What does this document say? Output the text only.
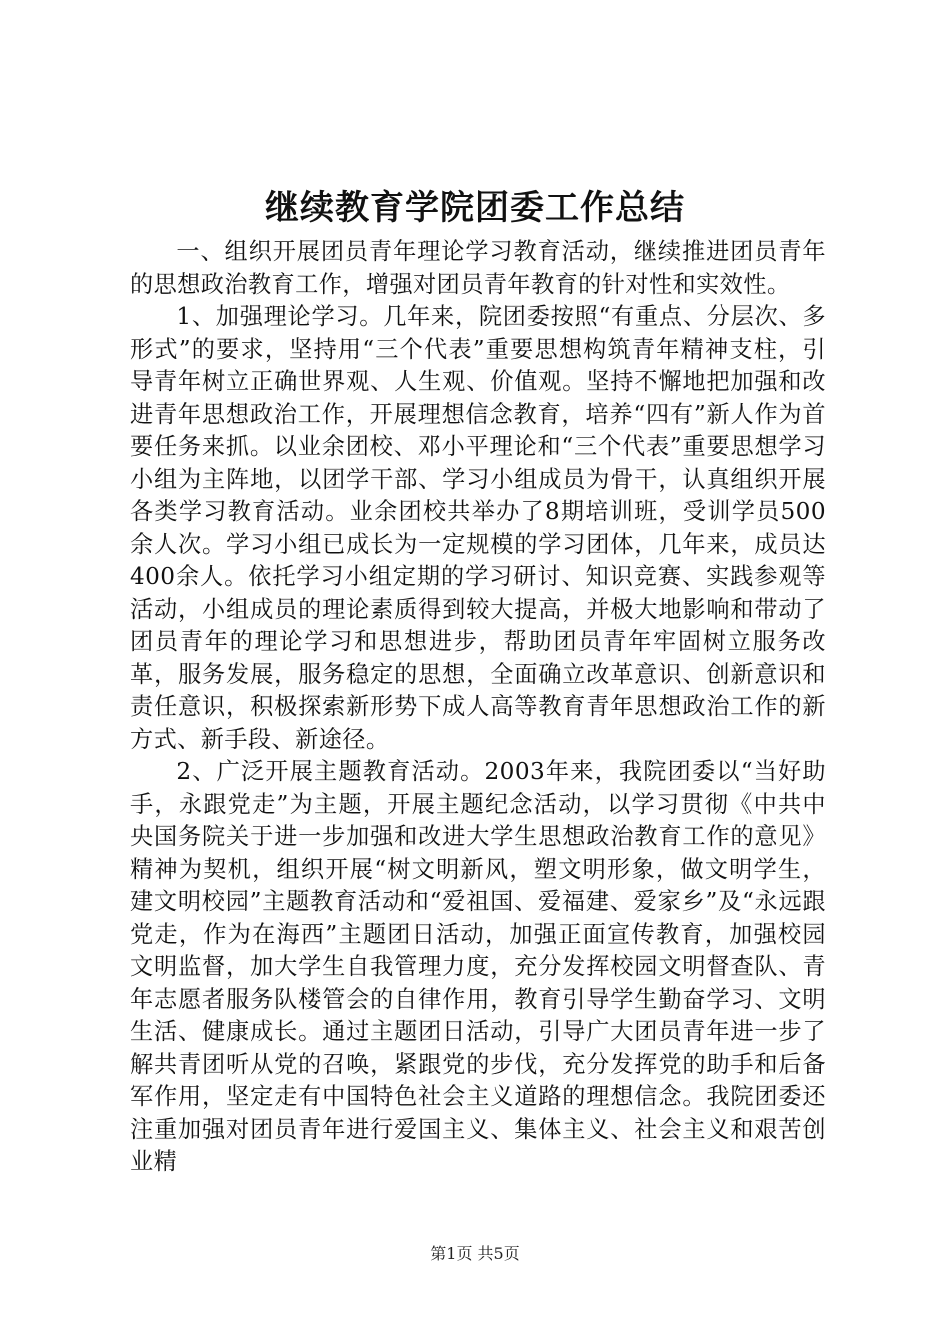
继续教育学院团委工作总结

一、组织开展团员青年理论学习教育活动，继续推进团员青年的思想政治教育工作，增强对团员青年教育的针对性和实效性。

1、加强理论学习。几年来，院团委按照“有重点、分层次、多形式”的要求，坚持用“三个代表”重要思想构筑青年精神支柱，引导青年树立正确世界观、人生观、价值观。坚持不懈地把加强和改进青年思想政治工作，开展理想信念教育，培养“四有”新人作为首要任务来抓。以业余团校、邓小平理论和“三个代表”重要思想学习小组为主阵地，以团学干部、学习小组成员为骨干，认真组织开展各类学习教育活动。业余团校共举办了8期培训班，受训学员500余人次。学习小组已成长为一定规模的学习团体，几年来，成员达400余人。依托学习小组定期的学习研讨、知识竞赛、实践参观等活动，小组成员的理论素质得到较大提高，并极大地影响和带动了团员青年的理论学习和思想进步，帮助团员青年牢固树立服务改革，服务发展，服务稳定的思想，全面确立改革意识、创新意识和责任意识，积极探索新形势下成人高等教育青年思想政治工作的新方式、新手段、新途径。

2、广泛开展主题教育活动。2003年来，我院团委以“当好助手，永跟党走”为主题，开展主题纪念活动，以学习贯彻《中共中央国务院关于进一步加强和改进大学生思想政治教育工作的意见》精神为契机，组织开展“树文明新风，塑文明形象，做文明学生，建文明校园”主题教育活动和“爱祖国、爱福建、爱家乡”及“永远跟党走，作为在海西”主题团日活动，加强正面宣传教育，加强校园文明监督，加大学生自我管理力度，充分发挥校园文明督查队、青年志愿者服务队楼管会的自律作用，教育引导学生勤奋学习、文明生活、健康成长。通过主题团日活动，引导广大团员青年进一步了解共青团听从党的召唤，紧跟党的步伐，充分发挥党的助手和后备军作用，坚定走有中国特色社会主义道路的理想信念。我院团委还注重加强对团员青年进行爱国主义、集体主义、社会主义和艰苦创业精

第1页 共5页
